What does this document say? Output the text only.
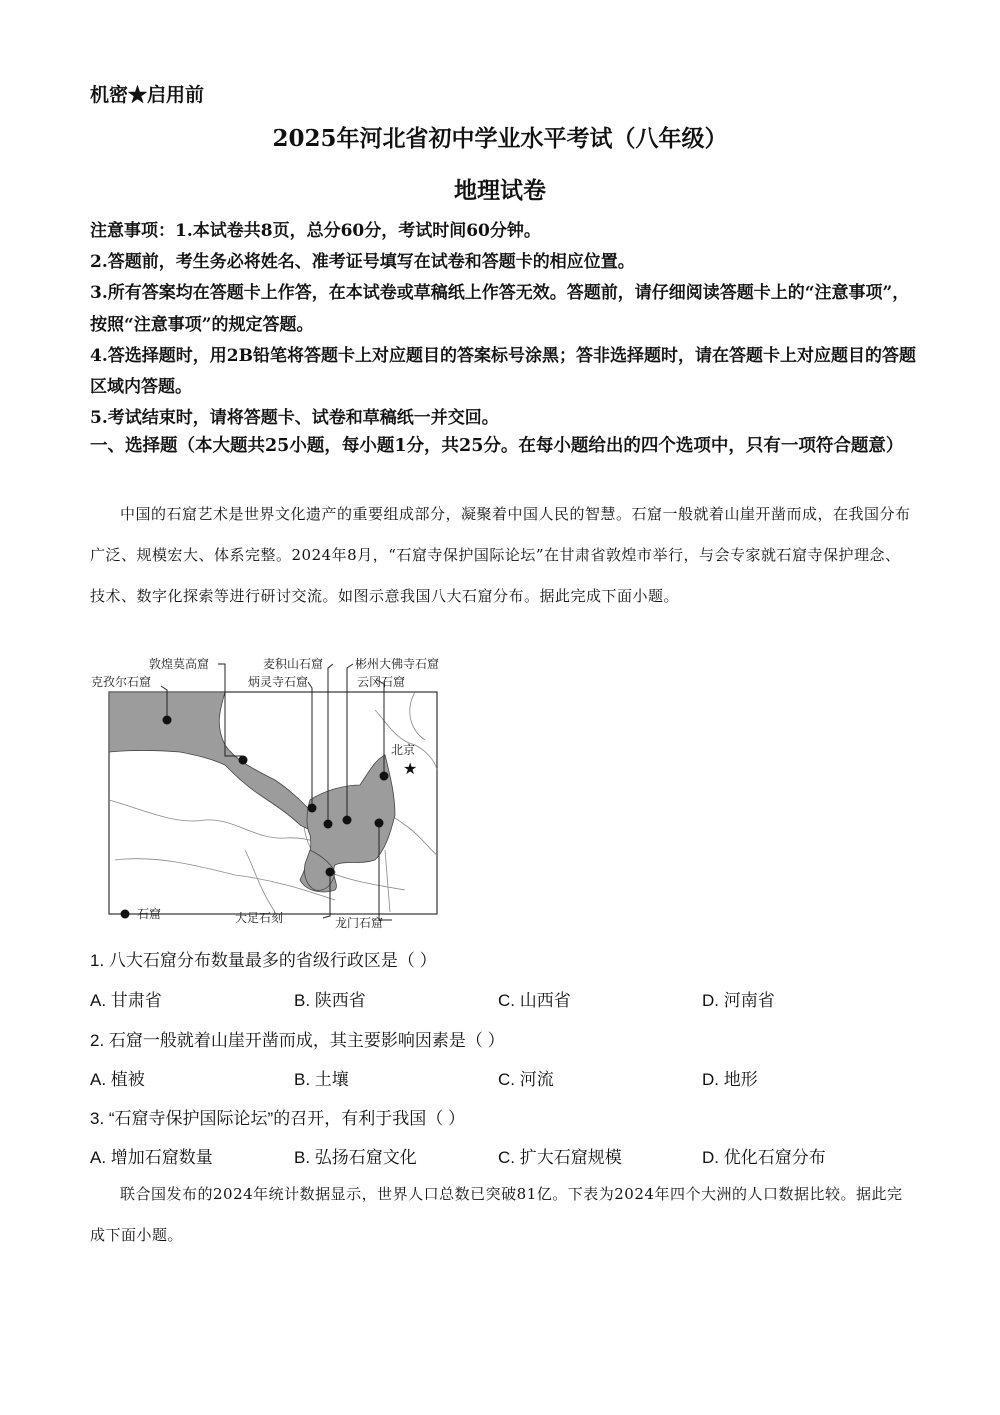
机密★启用前
2025年河北省初中学业水平考试（八年级）
地理试卷

注意事项：1.本试卷共8页，总分60分，考试时间60分钟。

2.答题前，考生务必将姓名、准考证号填写在试卷和答题卡的相应位置。

3.所有答案均在答题卡上作答，在本试卷或草稿纸上作答无效。答题前，请仔细阅读答题卡上的“注意事项”，按照“注意事项”的规定答题。

4.答选择题时，用2B铅笔将答题卡上对应题目的答案标号涂黑；答非选择题时，请在答题卡上对应题目的答题区域内答题。

5.考试结束时，请将答题卡、试卷和草稿纸一并交回。

一、选择题（本大题共25小题，每小题1分，共25分。在每小题给出的四个选项中，只有一项符合题意）
中国的石窟艺术是世界文化遗产的重要组成部分，凝聚着中国人民的智慧。石窟一般就着山崖开凿而成，在我国分布广泛、规模宏大、体系完整。2024年8月，“石窟寺保护国际论坛”在甘肃省敦煌市举行，与会专家就石窟寺保护理念、技术、数字化探索等进行研讨交流。如图示意我国八大石窟分布。据此完成下面小题。
★
克孜尔石窟
敦煌莫高窟
炳灵寺石窟
麦积山石窟	彬州大佛寺石窟
云冈石窟
北京
大足石刻	龙门石窟
石窟
1. 八大石窟分布数量最多的省级行政区是（ ）
A. 甘肃省	B. 陕西省	C. 山西省	D. 河南省
2. 石窟一般就着山崖开凿而成，其主要影响因素是（ ）
A. 植被	B. 土壤	C. 河流	D. 地形
3. “石窟寺保护国际论坛”的召开，有利于我国（ ）
A. 增加石窟数量	B. 弘扬石窟文化	C. 扩大石窟规模	D. 优化石窟分布
联合国发布的2024年统计数据显示，世界人口总数已突破81亿。下表为2024年四个大洲的人口数据比较。据此完成下面小题。
